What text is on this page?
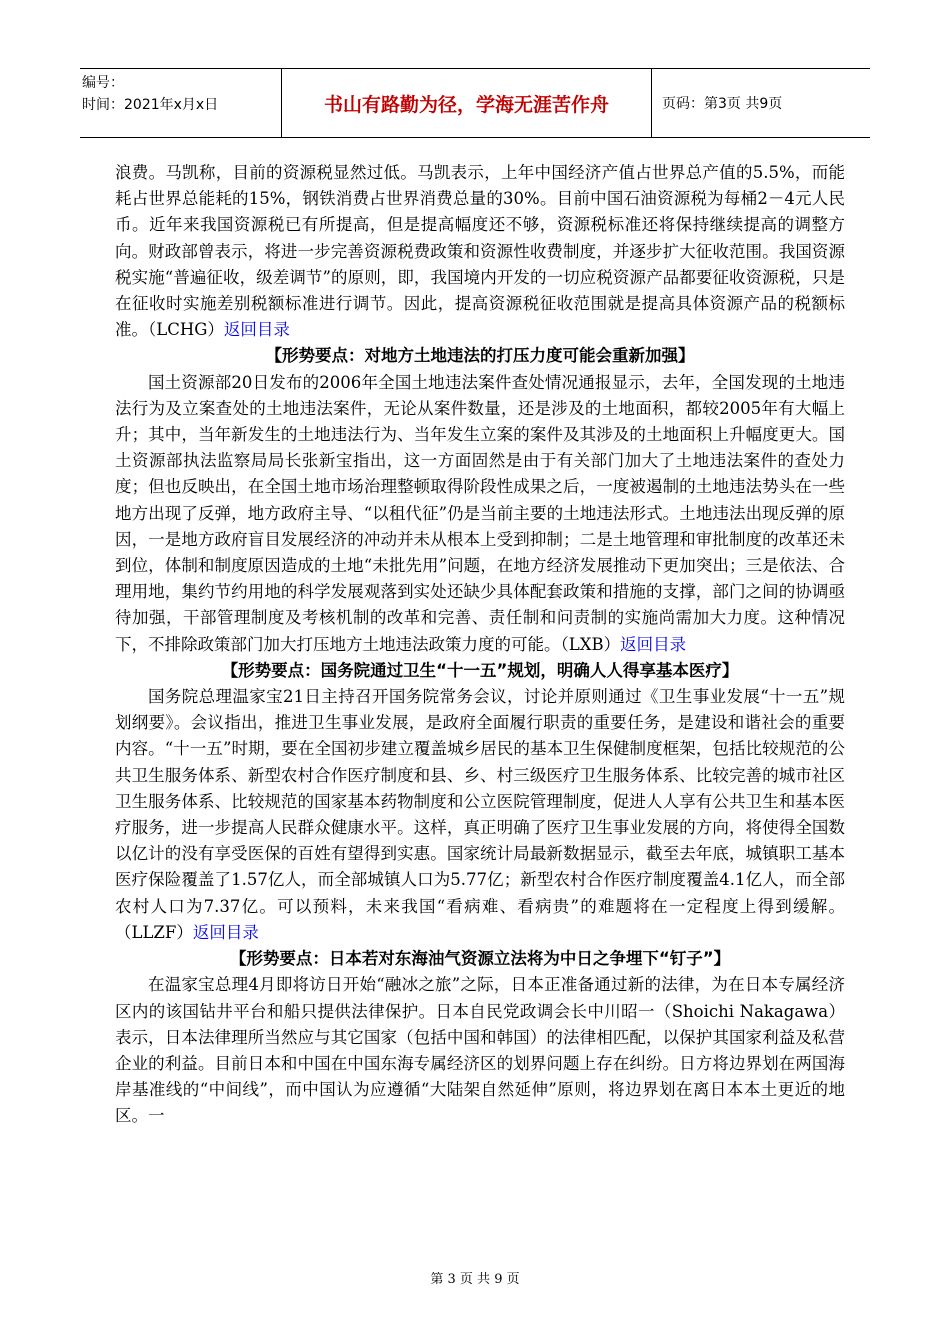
编号：
时间：2021年x月x日	书山有路勤为径，学海无涯苦作舟	页码：第3页 共9页

浪费。马凯称，目前的资源税显然过低。马凯表示，上年中国经济产值占世界总产值的5.5%，而能耗占世界总能耗的15%，钢铁消费占世界消费总量的30%。目前中国石油资源税为每桶2－4元人民币。近年来我国资源税已有所提高，但是提高幅度还不够，资源税标准还将保持继续提高的调整方向。财政部曾表示，将进一步完善资源税费政策和资源性收费制度，并逐步扩大征收范围。我国资源税实施“普遍征收，级差调节”的原则，即，我国境内开发的一切应税资源产品都要征收资源税，只是在征收时实施差别税额标准进行调节。因此，提高资源税征收范围就是提高具体资源产品的税额标准。（LCHG）返回目录

【形势要点：对地方土地违法的打压力度可能会重新加强】

国土资源部20日发布的2006年全国土地违法案件查处情况通报显示，去年，全国发现的土地违法行为及立案查处的土地违法案件，无论从案件数量，还是涉及的土地面积，都较2005年有大幅上升；其中，当年新发生的土地违法行为、当年发生立案的案件及其涉及的土地面积上升幅度更大。国土资源部执法监察局局长张新宝指出，这一方面固然是由于有关部门加大了土地违法案件的查处力度；但也反映出，在全国土地市场治理整顿取得阶段性成果之后，一度被遏制的土地违法势头在一些地方出现了反弹，地方政府主导、“以租代征”仍是当前主要的土地违法形式。土地违法出现反弹的原因，一是地方政府盲目发展经济的冲动并未从根本上受到抑制；二是土地管理和审批制度的改革还未到位，体制和制度原因造成的土地“未批先用”问题，在地方经济发展推动下更加突出；三是依法、合理用地，集约节约用地的科学发展观落到实处还缺少具体配套政策和措施的支撑，部门之间的协调亟待加强，干部管理制度及考核机制的改革和完善、责任制和问责制的实施尚需加大力度。这种情况下，不排除政策部门加大打压地方土地违法政策力度的可能。（LXB）返回目录

【形势要点：国务院通过卫生“十一五”规划，明确人人得享基本医疗】

国务院总理温家宝21日主持召开国务院常务会议，讨论并原则通过《卫生事业发展“十一五”规划纲要》。会议指出，推进卫生事业发展，是政府全面履行职责的重要任务，是建设和谐社会的重要内容。“十一五”时期，要在全国初步建立覆盖城乡居民的基本卫生保健制度框架，包括比较规范的公共卫生服务体系、新型农村合作医疗制度和县、乡、村三级医疗卫生服务体系、比较完善的城市社区卫生服务体系、比较规范的国家基本药物制度和公立医院管理制度，促进人人享有公共卫生和基本医疗服务，进一步提高人民群众健康水平。这样，真正明确了医疗卫生事业发展的方向，将使得全国数以亿计的没有享受医保的百姓有望得到实惠。国家统计局最新数据显示，截至去年底，城镇职工基本医疗保险覆盖了1.57亿人，而全部城镇人口为5.77亿；新型农村合作医疗制度覆盖4.1亿人，而全部农村人口为7.37亿。可以预料，未来我国“看病难、看病贵”的难题将在一定程度上得到缓解。（LLZF）返回目录

【形势要点：日本若对东海油气资源立法将为中日之争埋下“钉子”】

在温家宝总理4月即将访日开始“融冰之旅”之际，日本正准备通过新的法律，为在日本专属经济区内的该国钻井平台和船只提供法律保护。日本自民党政调会长中川昭一（Shoichi Nakagawa）表示，日本法律理所当然应与其它国家（包括中国和韩国）的法律相匹配，以保护其国家利益及私营企业的利益。目前日本和中国在中国东海专属经济区的划界问题上存在纠纷。日方将边界划在两国海岸基准线的“中间线”，而中国认为应遵循“大陆架自然延伸”原则，将边界划在离日本本土更近的地区。一

第 3 页 共 9 页
